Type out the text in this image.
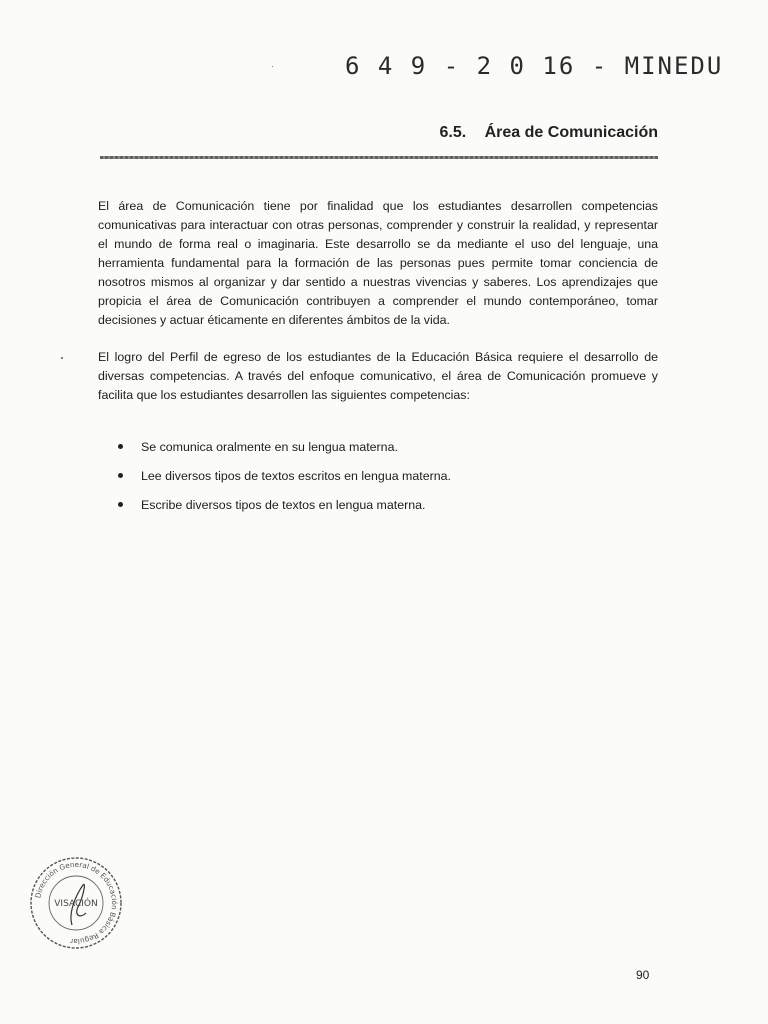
6 4 9 - 2 0 16 - MINEDU
6.5. Área de Comunicación

El área de Comunicación tiene por finalidad que los estudiantes desarrollen competencias comunicativas para interactuar con otras personas, comprender y construir la realidad, y representar el mundo de forma real o imaginaria. Este desarrollo se da mediante el uso del lenguaje, una herramienta fundamental para la formación de las personas pues permite tomar conciencia de nosotros mismos al organizar y dar sentido a nuestras vivencias y saberes. Los aprendizajes que propicia el área de Comunicación contribuyen a comprender el mundo contemporáneo, tomar decisiones y actuar éticamente en diferentes ámbitos de la vida.

El logro del Perfil de egreso de los estudiantes de la Educación Básica requiere el desarrollo de diversas competencias. A través del enfoque comunicativo, el área de Comunicación promueve y facilita que los estudiantes desarrollen las siguientes competencias:

Se comunica oralmente en su lengua materna.
Lee diversos tipos de textos escritos en lengua materna.
Escribe diversos tipos de textos en lengua materna.
Dirección General de Educación Básica Regular
VISACIÓN
90
